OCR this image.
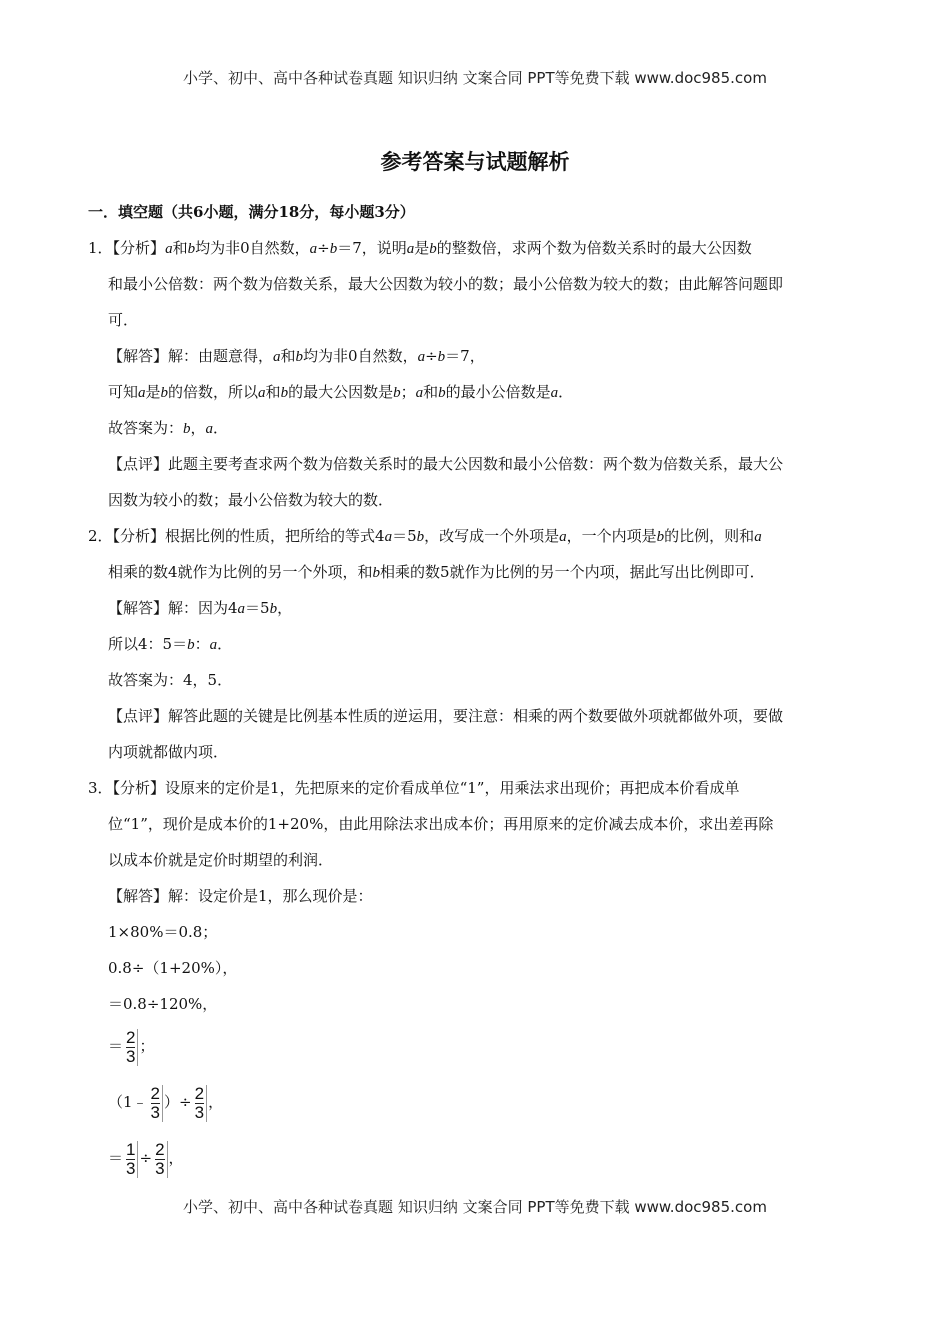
小学、初中、高中各种试卷真题 知识归纳 文案合同 PPT等免费下载 www.doc985.com
参考答案与试题解析
一．填空题（共6小题，满分18分，每小题3分）
1．【分析】a和b均为非0自然数，a÷b＝7，说明a是b的整数倍，求两个数为倍数关系时的最大公因数
和最小公倍数：两个数为倍数关系，最大公因数为较小的数；最小公倍数为较大的数；由此解答问题即
可．
【解答】解：由题意得，a和b均为非0自然数，a÷b＝7，
可知a是b的倍数，所以a和b的最大公因数是b；a和b的最小公倍数是a．
故答案为：b，a．
【点评】此题主要考查求两个数为倍数关系时的最大公因数和最小公倍数：两个数为倍数关系，最大公
因数为较小的数；最小公倍数为较大的数．
2．【分析】根据比例的性质，把所给的等式4a＝5b，改写成一个外项是a，一个内项是b的比例，则和a
相乘的数4就作为比例的另一个外项，和b相乘的数5就作为比例的另一个内项，据此写出比例即可．
【解答】解：因为4a＝5b，
所以4：5＝b：a．
故答案为：4，5．
【点评】解答此题的关键是比例基本性质的逆运用，要注意：相乘的两个数要做外项就都做外项，要做
内项就都做内项．
3．【分析】设原来的定价是1，先把原来的定价看成单位“1”，用乘法求出现价；再把成本价看成单
位“1”，现价是成本价的1+20%，由此用除法求出成本价；再用原来的定价减去成本价，求出差再除
以成本价就是定价时期望的利润．
【解答】解：设定价是1，那么现价是：
1×80%＝0.8；
0.8÷（1+20%），
＝0.8÷120%，
＝ $\frac{2}{3}$ ；
（1﹣ $\frac{2}{3}$ ）÷ $\frac{2}{3}$ ，
＝ $\frac{1}{3} \div \frac{2}{3}$ ，
小学、初中、高中各种试卷真题 知识归纳 文案合同 PPT等免费下载 www.doc985.com
